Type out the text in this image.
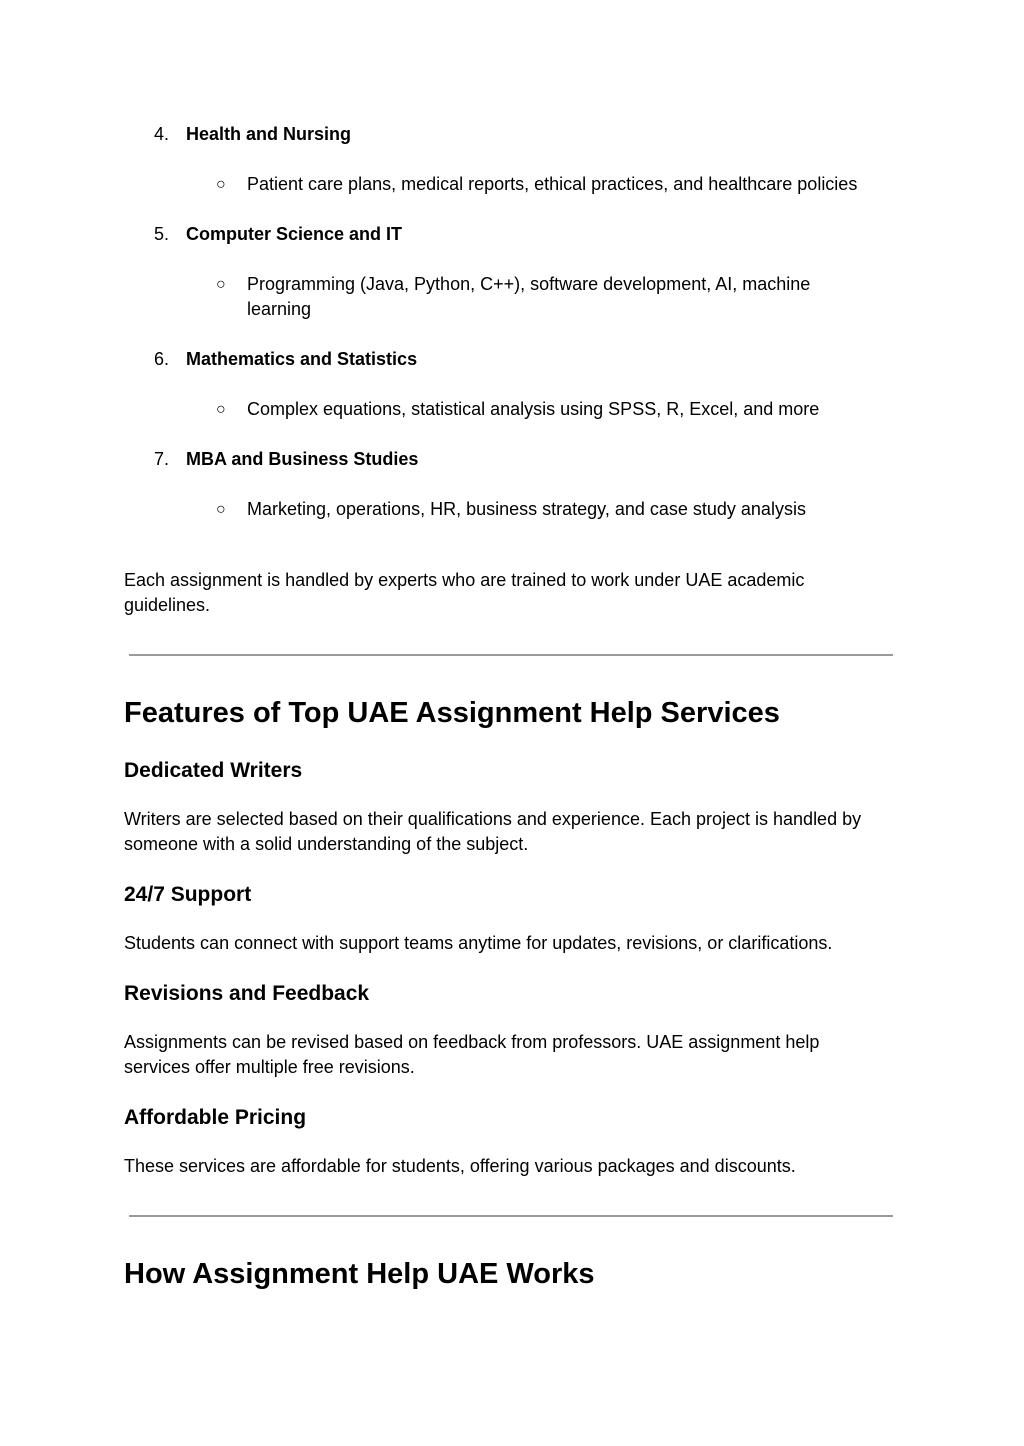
4. Health and Nursing
○ Patient care plans, medical reports, ethical practices, and healthcare policies
5. Computer Science and IT
○ Programming (Java, Python, C++), software development, AI, machine learning
6. Mathematics and Statistics
○ Complex equations, statistical analysis using SPSS, R, Excel, and more
7. MBA and Business Studies
○ Marketing, operations, HR, business strategy, and case study analysis
Each assignment is handled by experts who are trained to work under UAE academic guidelines.
Features of Top UAE Assignment Help Services
Dedicated Writers
Writers are selected based on their qualifications and experience. Each project is handled by someone with a solid understanding of the subject.
24/7 Support
Students can connect with support teams anytime for updates, revisions, or clarifications.
Revisions and Feedback
Assignments can be revised based on feedback from professors. UAE assignment help services offer multiple free revisions.
Affordable Pricing
These services are affordable for students, offering various packages and discounts.
How Assignment Help UAE Works
